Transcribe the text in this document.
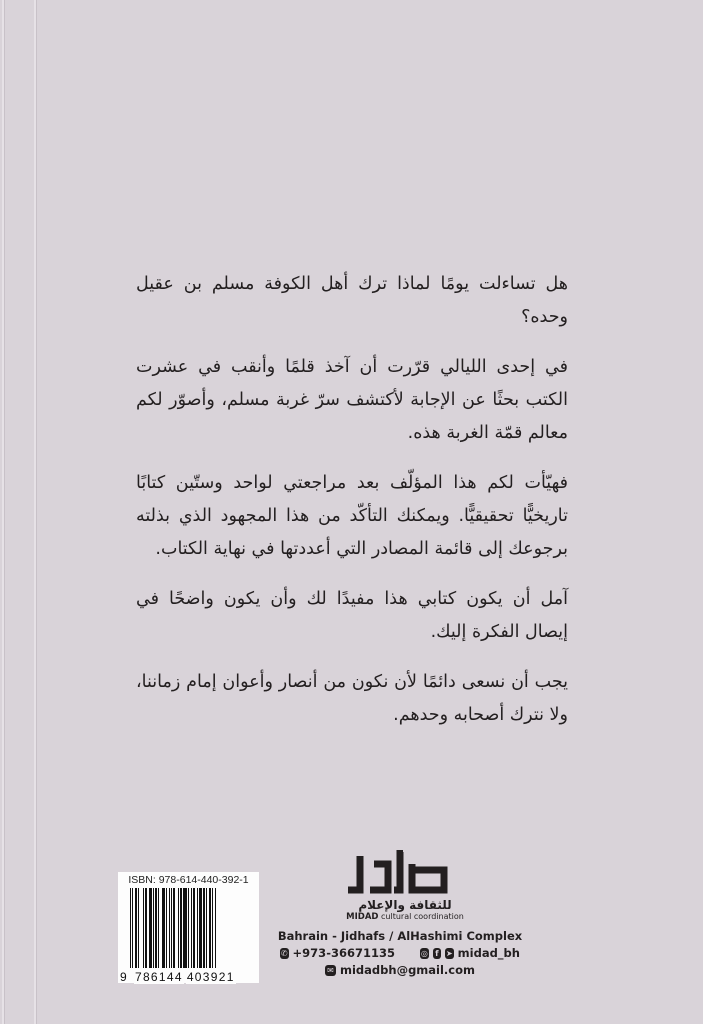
هل تساءلت يومًا لماذا ترك أهل الكوفة مسلم بن عقيل وحده؟

في إحدى الليالي قرّرت أن آخذ قلمًا وأنقب في عشرت الكتب بحثًا عن الإجابة لأكتشف سرّ غربة مسلم، وأصوّر لكم معالم قمّة الغربة هذه.

فهيّأت لكم هذا المؤلّف بعد مراجعتي لواحد وستّين كتابًا تاريخيًّا تحقيقيًّا. ويمكنك التأكّد من هذا المجهود الذي بذلته برجوعك إلى قائمة المصادر التي أعددتها في نهاية الكتاب.

آمل أن يكون كتابي هذا مفيدًا لك وأن يكون واضحًا في إيصال الفكرة إليك.

يجب أن نسعى دائمًا لأن نكون من أنصار وأعوان إمام زماننا، ولا نترك أصحابه وحدهم.

ISBN: 978-614-440-392-1
9 786144 403921
للثقافة والإعلام
MIDAD cultural coordination
Bahrain - Jidhafs / AlHashimi Complex
✆ +973-36671135	◎ f ➤ midad_bh
✉ midadbh@gmail.com
